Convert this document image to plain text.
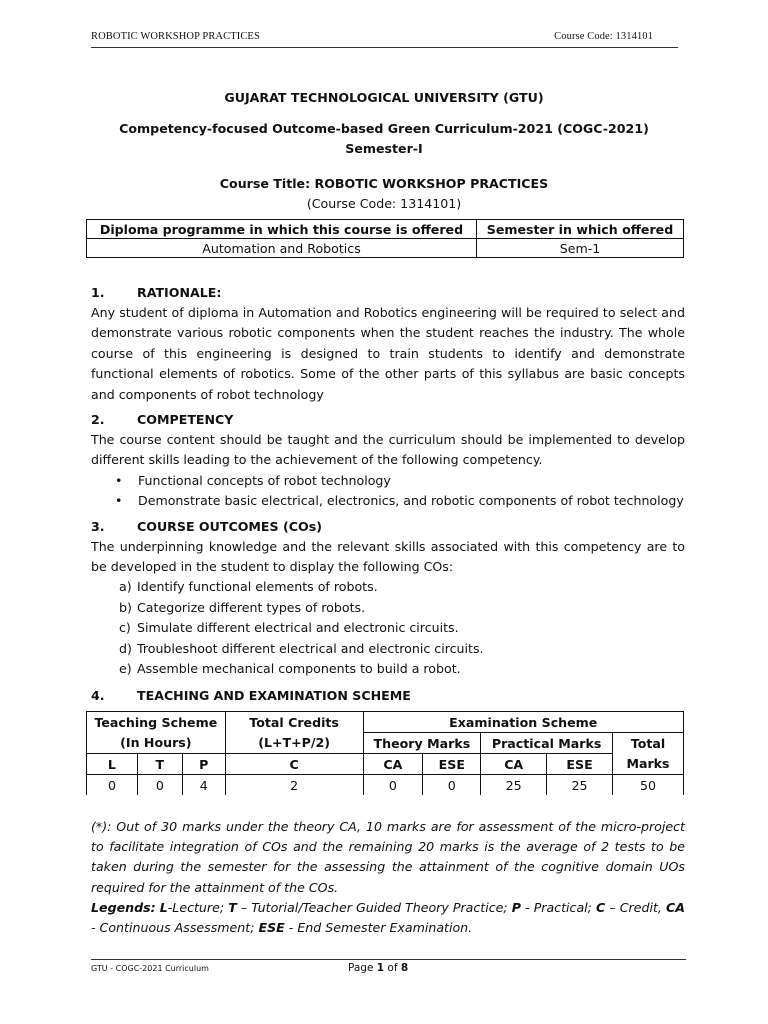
ROBOTIC WORKSHOP PRACTICES	Course Code: 1314101
GUJARAT TECHNOLOGICAL UNIVERSITY (GTU)
Competency-focused Outcome-based Green Curriculum-2021 (COGC-2021)
Semester-I
Course Title: ROBOTIC WORKSHOP PRACTICES
(Course Code: 1314101)
Diploma programme in which this course is offered	Semester in which offered
Automation and Robotics	Sem-1
1.	RATIONALE:
Any student of diploma in Automation and Robotics engineering will be required to select and demonstrate various robotic components when the student reaches the industry. The whole course of this engineering is designed to train students to identify and demonstrate functional elements of robotics. Some of the other parts of this syllabus are basic concepts and components of robot technology
2.	COMPETENCY
The course content should be taught and the curriculum should be implemented to develop different skills leading to the achievement of the following competency.
• Functional concepts of robot technology
• Demonstrate basic electrical, electronics, and robotic components of robot technology
3.	COURSE OUTCOMES (COs)
The underpinning knowledge and the relevant skills associated with this competency are to be developed in the student to display the following COs:
a) Identify functional elements of robots.
b) Categorize different types of robots.
c) Simulate different electrical and electronic circuits.
d) Troubleshoot different electrical and electronic circuits.
e) Assemble mechanical components to build a robot.
4.	TEACHING AND EXAMINATION SCHEME
Teaching Scheme			Total Credits	Examination Scheme				
(In Hours)			(L+T+P/2)	Theory Marks		Practical Marks		Total
L	T	P	C	CA	ESE	CA	ESE	Marks
0	0	4	2	0	0	25	25	50
(*): Out of 30 marks under the theory CA, 10 marks are for assessment of the micro-project to facilitate integration of COs and the remaining 20 marks is the average of 2 tests to be taken during the semester for the assessing the attainment of the cognitive domain UOs required for the attainment of the COs.
Legends: L-Lecture; T – Tutorial/Teacher Guided Theory Practice; P - Practical; C – Credit, CA - Continuous Assessment; ESE - End Semester Examination.
GTU - COGC-2021 Curriculum	Page 1 of 8
